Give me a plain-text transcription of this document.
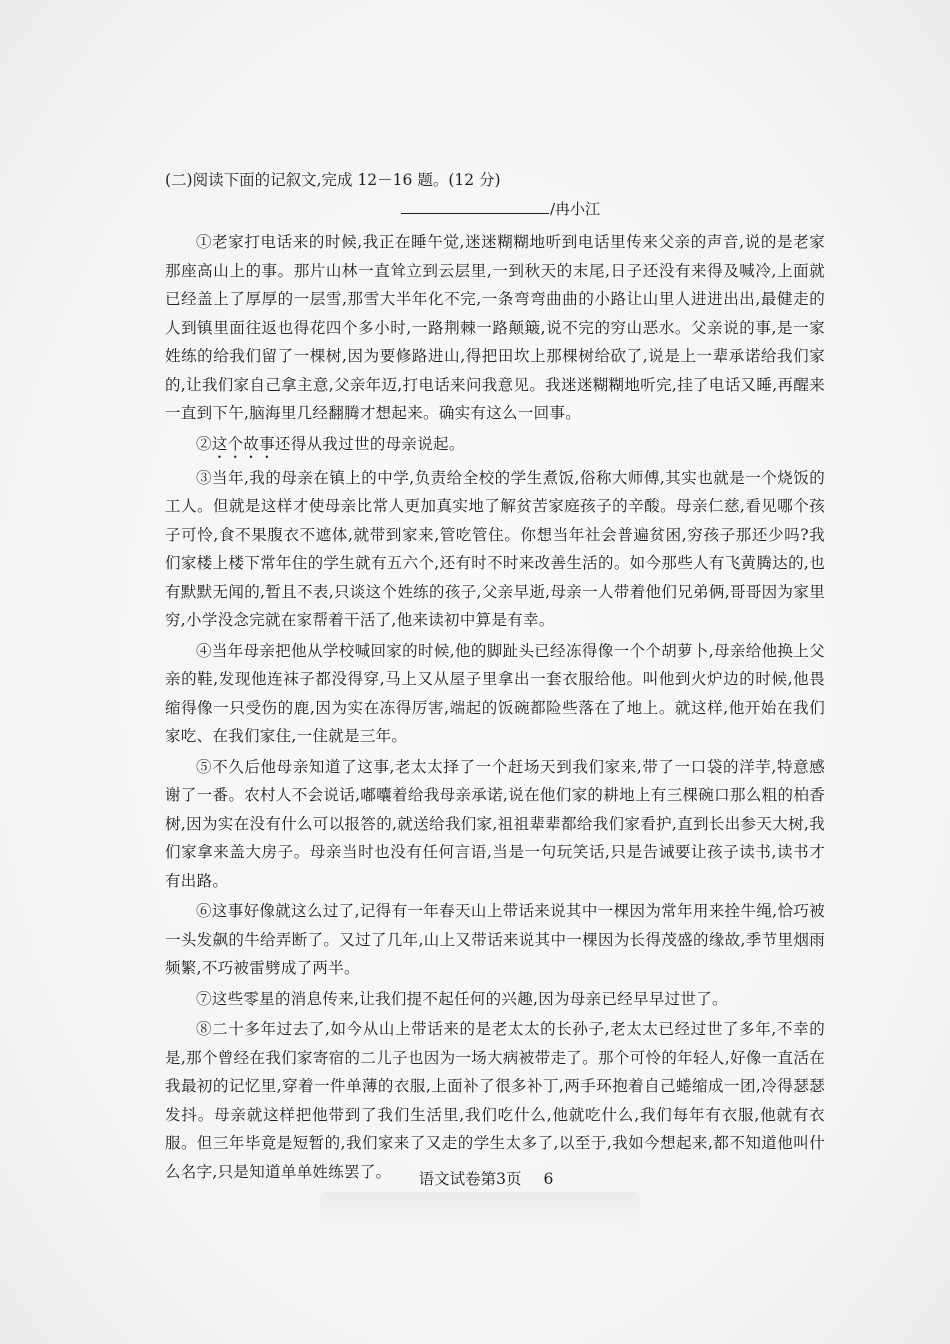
(二)阅读下面的记叙文,完成 12－16 题。(12 分)
/冉小江

①老家打电话来的时候,我正在睡午觉,迷迷糊糊地听到电话里传来父亲的声音,说的是老家那座高山上的事。那片山林一直耸立到云层里,一到秋天的末尾,日子还没有来得及喊冷,上面就已经盖上了厚厚的一层雪,那雪大半年化不完,一条弯弯曲曲的小路让山里人进进出出,最健走的人到镇里面往返也得花四个多小时,一路荆棘一路颠簸,说不完的穷山恶水。父亲说的事,是一家姓练的给我们留了一棵树,因为要修路进山,得把田坎上那棵树给砍了,说是上一辈承诺给我们家的,让我们家自己拿主意,父亲年迈,打电话来问我意见。我迷迷糊糊地听完,挂了电话又睡,再醒来一直到下午,脑海里几经翻腾才想起来。确实有这么一回事。

②这个故事还得从我过世的母亲说起。

③当年,我的母亲在镇上的中学,负责给全校的学生煮饭,俗称大师傅,其实也就是一个烧饭的工人。但就是这样才使母亲比常人更加真实地了解贫苦家庭孩子的辛酸。母亲仁慈,看见哪个孩子可怜,食不果腹衣不遮体,就带到家来,管吃管住。你想当年社会普遍贫困,穷孩子那还少吗?我们家楼上楼下常年住的学生就有五六个,还有时不时来改善生活的。如今那些人有飞黄腾达的,也有默默无闻的,暂且不表,只谈这个姓练的孩子,父亲早逝,母亲一人带着他们兄弟俩,哥哥因为家里穷,小学没念完就在家帮着干活了,他来读初中算是有幸。

④当年母亲把他从学校喊回家的时候,他的脚趾头已经冻得像一个个胡萝卜,母亲给他换上父亲的鞋,发现他连袜子都没得穿,马上又从屋子里拿出一套衣服给他。叫他到火炉边的时候,他畏缩得像一只受伤的鹿,因为实在冻得厉害,端起的饭碗都险些落在了地上。就这样,他开始在我们家吃、在我们家住,一住就是三年。

⑤不久后他母亲知道了这事,老太太择了一个赶场天到我们家来,带了一口袋的洋芋,特意感谢了一番。农村人不会说话,嘟囔着给我母亲承诺,说在他们家的耕地上有三棵碗口那么粗的柏香树,因为实在没有什么可以报答的,就送给我们家,祖祖辈辈都给我们家看护,直到长出参天大树,我们家拿来盖大房子。母亲当时也没有任何言语,当是一句玩笑话,只是告诫要让孩子读书,读书才有出路。

⑥这事好像就这么过了,记得有一年春天山上带话来说其中一棵因为常年用来拴牛绳,恰巧被一头发飙的牛给弄断了。又过了几年,山上又带话来说其中一棵因为长得茂盛的缘故,季节里烟雨频繁,不巧被雷劈成了两半。

⑦这些零星的消息传来,让我们提不起任何的兴趣,因为母亲已经早早过世了。

⑧二十多年过去了,如今从山上带话来的是老太太的长孙子,老太太已经过世了多年,不幸的是,那个曾经在我们家寄宿的二儿子也因为一场大病被带走了。那个可怜的年轻人,好像一直活在我最初的记忆里,穿着一件单薄的衣服,上面补了很多补丁,两手环抱着自己蜷缩成一团,冷得瑟瑟发抖。母亲就这样把他带到了我们生活里,我们吃什么,他就吃什么,我们每年有衣服,他就有衣服。但三年毕竟是短暂的,我们家来了又走的学生太多了,以至于,我如今想起来,都不知道他叫什么名字,只是知道单单姓练罢了。	语文试卷第3页 6
